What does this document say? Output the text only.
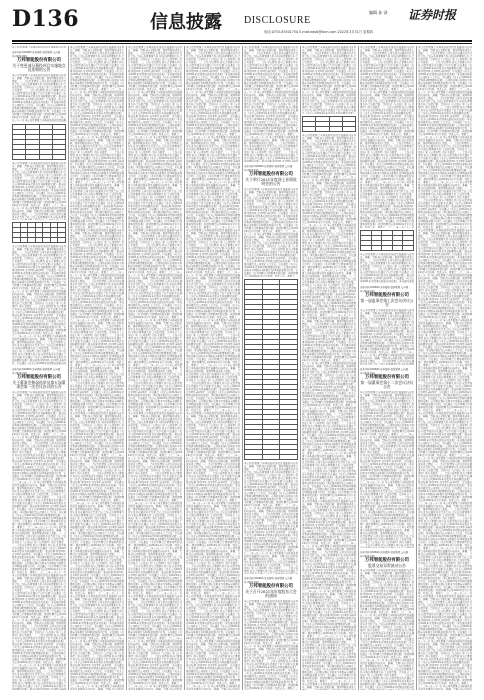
D136	信息披露 DISCLOSURE
编辑 孙 泽 证券时报
电话:0755-83501750 E-mail:zqsb@stcn.com 2022年3月31日 星期四
本公司及董事会全体成员保证信息披露的内容真
证券代码:002664 证券简称:信质集团 公告编号:2022-009
万邦智能股份有限公司
关于变更部分募投项目实施地点及延期的公告
本公司及董事会全体成员保证信息披露的内容真实、准确、完整,没有虚假记载、误导性陈述或重大遗漏。一、会议召开情况 公司于近日以通讯方式召开会议,会议应出席董事九名,实际出席董事九名,会议的召集、召开符合《公司法》和《公司章程》的有关规定。二、会议审议情况 经与会董事认真审议,以投票表决方式通过了以下议案:审议通过《关于公司2021年年度报告及其摘要的议案》,表决结果:同意9票,反对0票,弃权0票。审议通过《关于公司2021年度财务决算报告的议案》,本议案尚需提交公司股东大会审议。审议通过《关于公司2021年度利润分配预案的议案》,公司拟以现有总股本为基数向全体股东每10股派发现金红利。审议通过《关于续聘会计师事务所的议案》,同意续聘为公司2022年度审计机构。特此公告。董事会 二〇二二年三月三十一日 本公司及董事会全体成员保证信息披露

本公司及董事会全体成员保证信息披露的内容真实、准确、完整,没有虚假记载、误导性陈述或重大遗漏。一、会议召开情况 公司于近日以通讯方式召开会议,会议应出席董事九名,实际出席董事九名,会议的召集、召开符合《公司法》和《公司章程》的有关规定。二、会议审议情况 经与会董事认真审议,以投票表决方式通过了以下议案:审议通过《关于公司2021年年度报告及其摘要的议案》,表决结果:同意9票,反对0票,弃权0票。审议通过《关于公司2021年度财务决算报告的议案》,本议案尚需提交公司股东大会审议。审议通过《关于公司2021年度利润分配预案的议案》,公司拟以现有总股本为基数向全体股东每10股派发现金红利。审议通过《关于续聘会计师事务所的议案》,同意续聘为公司2022年度审计机构。特此公告。董事会 二〇二二年三月三十一日 本公司及董事会全体成员保证信息披露的内容真实、准确、完整,没有虚假记载、误导性陈述或重大遗漏。一、会议召开情况 公司于近日以通讯方式召开会议,会议应出席董事九名,实际出席董

本公司及董事会全体成员保证信息披露的内容真实、准确、完整,没有虚假记载、误导性陈述或重大遗漏。一、会议召开情况 公司于近日以通讯方式召开会议,会议应出席董事九名,实际出席董事九名,会议的召集、召开符合《公司法》和《公司章程》的有关规定。二、会议审议情况 经与会董事认真审议,以投票表决方式通过了以下议案:审议通过《关于公司2021年年度报告及其摘要的议案》,表决结果:同意9票,反对0票,弃权0票。审议通过《关于公司2021年度财务决算报告的议案》,本议案尚需提交公司股东大会审议。审议通过《关于公司2021年度利润分配预案的议案》,公司拟以现有总股本为基数向全体股东每10股派发现金红利。审议通过《关于续聘会计师事务所的议案》,同意续聘为公司2022年度审计机构。特此公告。董事会 二〇二二年三月三十一日 本公司及董事会全体成员保证信息披露的内容真实、准确、完整,没有虚假记载、误导性陈述或重大遗漏。一、会议召开情况 公司于近日以通讯方式召开会议,会议应出席董事九名,实际出席董事九名,会议的召集、召开符合《公司法》和《公司章程》的有关规定。二、会议审议情况 经与会董事认真审议,以投票表决方式通过了以下议案:审议通过《关于公司2021年年度报告及其摘要的议案》,表决结果:同意9票,反对0票,弃权0票。审议通过《关于公司2021年度财务决算报告的议案》,本议案尚需提交公司股东大会审议。审议通过《关于公司2021年度利润分配预案的议案》,公司拟以现有总股本为基数向全体股东每10股派发现金红利。审议通过《关于续聘会计师事务所的议案》,同意续聘为公司2022年度审计机构。特此公告。董事会 二〇二二年三月三十一日 本公司及董事会全体成员保证信息披露的内容真实、准确、完整,没有虚假记载、误导性陈述或重大遗漏。一、会议召开情况 公司于近日以通讯方式召开会议,会议应出席董事九名,实际出席董事九名,会议的召集、召开符合《公司法》和《公司章程》的有关规定。二、会议审议情况 经与会董事认真审议,以投票表决方式通过了以下议案:审议通过《关于公司2021年年度报告及其摘要的议案》,表决结果:同意9票,反对0票,弃权0票。审议通过《关于公司2021年度财务决算报告的
证券代码:002664 证券简称:信质集团 公告编号:2022-010
万邦智能股份有限公司
关于董事会换届选举及第五届董事会第一次会议决议的公告
本公司及董事会全体成员保证信息披露的内容真实、准确、完整,没有虚假记载、误导性陈述或重大遗漏。一、会议召开情况 公司于近日以通讯方式召开会议,会议应出席董事九名,实际出席董事九名,会议的召集、召开符合《公司法》和《公司章程》的有关规定。二、会议审议情况 经与会董事认真审议,以投票表决方式通过了以下议案:审议通过《关于公司2021年年度报告及其摘要的议案》,表决结果:同意9票,反对0票,弃权0票。审议通过《关于公司2021年度财务决算报告的议案》,本议案尚需提交公司股东大会审议。审议通过《关于公司2021年度利润分配预案的议案》,公司拟以现有总股本为基数向全体股东每10股派发现金红利。审议通过《关于续聘会计师事务所的议案》,同意续聘为公司2022年度审计机构。特此公告。董事会 二〇二二年三月三十一日 本公司及董事会全体成员保证信息披露的内容真实、准确、完整,没有虚假记载、误导性陈述或重大遗漏。一、会议召开情况 公司于近日以通讯方式召开会议,会议应出席董事九名,实际出席董事九名,会议的召集、召开符合《公司法》和《公司章程》的有关规定。二、会议审议情况 经与会董事认真审议,以投票表决方式通过了以下议案:审议通过《关于公司2021年年度报告及其摘要的议案》,表决结果:同意9票,反对0票,弃权0票。审议通过《关于公司2021年度财务决算报告的议案》,本议案尚需提交公司股东大会审议。审议通过《关于公司2021年度利润分配预案的议案》,公司拟以现有总股本为基数向全体股东每10股派发现金红利。审议通过《关于续聘会计师事务所的议案》,同意续聘为公司2022年度审计机构。特此公告。董事会 二〇二二年三月三十一日 本公司及董事会全体成员保证信息披露的内容真实、准确、完整,没有虚假记载、误导性陈述或重大遗漏。一、会议召开情况 公司于近日以通讯方式召开会议,会议应出席董事九名,实际出席董事九名,会议的召集、召开符合《公司法》和《公司章程》的有关规定。二、会议审议情况 经与会董事认真审议,以投票表决方式通过了以下议案:审议通过《关于公司2021年年度报告及其摘要的议案》,表决结果:同意9票,反对0票,弃权0票。审议通过《关于公司2021年度财务决算报告的议案》,本议案尚需提交公司股东大会审议。审议通过《关于公司2021年度利润分配预案的议案》,公司拟以现有总股本为基数向全体股东每10股派发现金红利。审议通过《关于续聘会计师事务所的议案》,同意续聘为公司2022年度审计机构。特此公告。董事会 二〇二二年三月三十一日 本公司及董事会全体成员保证信息披露的内容真实、准确、完整,没有虚假记载、误导性陈述或重大遗漏。一、会议召开情况 公司于近日以通讯方式召开会议,会议应出席董事九名,实际出席董事九名,会议的召集、召开符合《公司法》和《公司章程》的有关规定。二、会议审议情况 经与会董事认真审议,以投票表决方式通过了以下议案:审议通过《关于公司2021年年度报告及其摘要的议案》,表决结果:同意9票,反对0票,弃权0票。审议通过《关于公司2021年度财务决算报告的议案》,本议案尚需提交公司股东大会审议。审议通过《关于公司2021年度利润分配预案的议案》,公司拟以现有总股本为基数向全体股东每10股派发现金红利。审议通过《关于续聘会计师事务所的议案》,同意续聘为公司2022年度审计机构。特此公告。董事会 二〇二二年三月三十一日 本公司及董事会全体成员保证信息披露的内容真实、准确、完整,没有虚假记载、误导性陈述或重大遗漏。一、会议召开情况 公司于近日以通讯方式召开会议,会议应出席董事九名,实际出席董事九名,会议的召集、召开符合《公司法》和《公司章程》的有关规定。二、会议审议情况 经与会董事认真审议,以投票表决方式通过了以下议案:审议通过《关于公司2021年年度报告及其摘要的议案》,表决结果:同意9票,反对0票,弃权0票。审议通过《关于公司2021年度财务决算报告的议案》,本议案尚需提交公司股东大会审议。审议通过《关于公司2021年度利润分配预案的议案》,公司拟以现有总股本为基数向全体股东每10股派发现金红利。审议通过《关于续聘会计师事务所的议案》,同意续聘为公司2022年度审计机构。特此公告。董事会 二〇二二年三月三十一日 本公司及董事会全体成员保证信息披露的内容真实、准确、完整,没有虚假记载、误导性陈述或重大遗漏。一、会议召开情况 公司于近日以通讯方式召开会议,会议应出席董事九名,实际出席董事九名,会议的召集、召开符合《公司法》和《公司章程》的有关规定。二、会议审议情况 经与会董事认真审议,以投票表决方式通过了以下议案:审议通过《关于公司2021年年度报告及其摘要的议案》,表决结果:同意9票,反对0票,弃权0票。审议通过《关于公司2021年度财务决算报告的议案》,本议案尚需提交公司股东大会审议。审议通过《关于公司2021年度利润分配预案的议案》,公司拟以现有总股本为基数向全体股东每10股派发现金红利。审议通过《关于续聘会计师事务所的议案》,同意续聘为公司2022年度审计机构。特此公告。董事会 二〇二二年三月三十一日 本公司及董事会全体成员保证信息披露的内容真实、准确、完整,没有虚假记载、误导性陈述或重大遗漏。一、会议召开情况 公司于近日以通讯方式召开会议,会议应出席董事九名,实际出席董事九名,会议的召集、召开符合《公司法》和《公司章程》的有关规定。二、会议审议情况 经与会董事认真审议,以投票表决方式通过了以下议案:审议通过《关于公司2021年年度报告及其摘要的议案》,表决结果:同意9票,反对0票,弃权0
本公司及董事会全体成员保证信息披露的内容真实、准确、完整,没有虚假记载、误导性陈述或重大遗漏。一、会议召开情况 公司于近日以通讯方式召开会议,会议应出席董事九名,实际出席董事九名,会议的召集、召开符合《公司法》和《公司章程》的有关规定。二、会议审议情况 经与会董事认真审议,以投票表决方式通过了以下议案:审议通过《关于公司2021年年度报告及其摘要的议案》,表决结果:同意9票,反对0票,弃权0票。审议通过《关于公司2021年度财务决算报告的议案》,本议案尚需提交公司股东大会审议。审议通过《关于公司2021年度利润分配预案的议案》,公司拟以现有总股本为基数向全体股东每10股派发现金红利。审议通过《关于续聘会计师事务所的议案》,同意续聘为公司2022年度审计机构。特此公告。董事会 二〇二二年三月三十一日 本公司及董事会全体成员保证信息披露的内容真实、准确、完整,没有虚假记载、误导性陈述或重大遗漏。一、会议召开情况 公司于近日以通讯方式召开会议,会议应出席董事九名,实际出席董事九名,会议的召集、召开符合《公司法》和《公司章程》的有关规定。二、会议审议情况 经与会董事认真审议,以投票表决方式通过了以下议案:审议通过《关于公司2021年年度报告及其摘要的议案》,表决结果:同意9票,反对0票,弃权0票。审议通过《关于公司2021年度财务决算报告的议案》,本议案尚需提交公司股东大会审议。审议通过《关于公司2021年度利润分配预案的议案》,公司拟以现有总股本为基数向全体股东每10股派发现金红利。审议通过《关于续聘会计师事务所的议案》,同意续聘为公司2022年度审计机构。特此公告。董事会 二〇二二年三月三十一日 本公司及董事会全体成员保证信息披露的内容真实、准确、完整,没有虚假记载、误导性陈述或重大遗漏。一、会议召开情况 公司于近日以通讯方式召开会议,会议应出席董事九名,实际出席董事九名,会议的召集、召开符合《公司法》和《公司章程》的有关规定。二、会议审议情况 经与会董事认真审议,以投票表决方式通过了以下议案:审议通过《关于公司2021年年度报告及其摘要的议案》,表决结果:同意9票,反对0票,弃权0票。审议通过《关于公司2021年度财务决算报告的议案》,本议案尚需提交公司股东大会审议。审议通过《关于公司2021年度利润分配预案的议案》,公司拟以现有总股本为基数向全体股东每10股派发现金红利。审议通过《关于续聘会计师事务所的议案》,同意续聘为公司2022年度审计机构。特此公告。董事会 二〇二二年三月三十一日 本公司及董事会全体成员保证信息披露的内容真实、准确、完整,没有虚假记载、误导性陈述或重大遗漏。一、会议召开情况 公司于近日以通讯方式召开会议,会议应出席董事九名,实际出席董事九名,会议的召集、召开符合《公司法》和《公司章程》的有关规定。二、会议审议情况 经与会董事认真审议,以投票表决方式通过了以下议案:审议通过《关于公司2021年年度报告及其摘要的议案》,表决结果:同意9票,反对0票,弃权0票。审议通过《关于公司2021年度财务决算报告的议案》,本议案尚需提交公司股东大会审议。审议通过《关于公司2021年度利润分配预案的议案》,公司拟以现有总股本为基数向全体股东每10股派发现金红利。审议通过《关于续聘会计师事务所的议案》,同意续聘为公司2022年度审计机构。特此公告。董事会 二〇二二年三月三十一日 本公司及董事会全体成员保证信息披露的内容真实、准确、完整,没有虚假记载、误导性陈述或重大遗漏。一、会议召开情况 公司于近日以通讯方式召开会议,会议应出席董事九名,实际出席董事九名,会议的召集、召开符合《公司法》和《公司章程》的有关规定。二、会议审议情况 经与会董事认真审议,以投票表决方式通过了以下议案:审议通过《关于公司2021年年度报告及其摘要的议案》,表决结果:同意9票,反对0票,弃权0票。审议通过《关于公司2021年度财务决算报告的议案》,本议案尚需提交公司股东大会审议。审议通过《关于公司2021年度利润分配预案的议案》,公司拟以现有总股本为基数向全体股东每10股派发现金红利。审议通过《关于续聘会计师事务所的议案》,同意续聘为公司2022年度审计机构。特此公告。董事会 二〇二二年三月三十一日 本公司及董事会全体成员保证信息披露的内容真实、准确、完整,没有虚假记载、误导性陈述或重大遗漏。一、会议召开情况 公司于近日以通讯方式召开会议,会议应出席董事九名,实际出席董事九名,会议的召集、召开符合《公司法》和《公司章程》的有关规定。二、会议审议情况 经与会董事认真审议,以投票表决方式通过了以下议案:审议通过《关于公司2021年年度报告及其摘要的议案》,表决结果:同意9票,反对0票,弃权0票。审议通过《关于公司2021年度财务决算报告的议案》,本议案尚需提交公司股东大会审议。审议通过《关于公司2021年度利润分配预案的议案》,公司拟以现有总股本为基数向全体股东每10股派发现金红利。审议通过《关于续聘会计师事务所的议案》,同意续聘为公司2022年度审计机构。特此公告。董事会 二〇二二年三月三十一日 本公司及董事会全体成员保证信息披露的内容真实、准确、完整,没有虚假记载、误导性陈述或重大遗漏。一、会议召开情况 公司于近日以通讯方式召开会议,会议应出席董事九名,实际出席董事九名,会议的召集、召开符合《公司法》和《公司章程》的有关规定。二、会议审议情况 经与会董事认真审议,以投票表决方式通过了以下议案:审议通过《关于公司2021年年度报告及其摘要的议案》,表决结果:同意9票,反对0票,弃权0票。审议通过《关于公司2021年度财务决算报告的议案》,本议案尚需提交公司股东大会审议。审议通过《关于公司2021年度利润分配预案的议案》,公司拟以现有总股本为基数向全体股东每10股派发现金红利。审议通过《关于续聘会计师事务所的议案》,同意续聘为公司2022年度审计机构。特此公告。董事会 二〇二二年三月三十一日 本公司及董事会全体成员保证信息披露的内容真实、准确、完整,没有虚假记载、误导性陈述或重大遗漏。一、会议召开情况 公司于近日以通讯方式召开会议,会议应出席董事九名,实际出席董事九名,会议的召集、召开符合《公司法》和《公司章程》的有关规定。二、会议审议情况 经与会董事认真审议,以投票表决方式通过了以下议案:审议通过《关于公司2021年年度报告及其摘要的议案》,表决结果:同意9票,反对0票,弃权0票。审议通过《关于公司2021年度财务决算报告的议案》,本议案尚需提交公司股东大会审议。审议通过《关于公司2021年度利润分配预案的议案》,公司拟以现有总股本为基数向全体股东每10股派发现金红利。审议通过《关于续聘会计师事务所的议案》,同意续聘为公司2022年度审计机构。特此公告。董事会 二〇二二年三月三十一日 本公司及董事会全体成员保证信息披露的内容真实、准确、完整,没有虚假记载、误导性陈述或重大遗漏。一、会议召开情况 公司于近日以通讯方式召开会议,会议应出席董事九名,实际出席董事九名,会议的召集、召开符合《公司法》和《公司章程》的有关规定。二、会议审议情况 经与会董事认真审议,以投票表决方式通过了以下议案:审议通过《关于公司2021年年度报告及其摘要的议案》,表决结果:同意9票,反对0票,弃权0票。审议通过《关于公司2021年度财务决算报告的议案》,本议案尚需提交公司股东大会审议。审议通过《关于公司2021年度利润分配预案的议案》,公司拟以现有总股本为基数向全体股东每10股派发现金红利。审议通过《关于续聘会计师事务所的议案》,同意续聘为公司2022年度审计机构。特此公告。董事会 二〇二二年三月三十一日 本公司及董事会全体成员保证信息披露的内容真实、准确、完整,没有虚假记载、误导性陈述或重大遗漏。一、会议召开情况 公司于近日以通讯方式召开会议,会议应出席董事九名,实际出席董事九名,会议的召集、召开符合《公司法》和《公司章程》的有关规定。二、会议审议情况 经与会董事认真审议,以投票表决方式通过了以下议案:审议通过《关于公司2021年年度报告及其摘要的议案》,表决结果:同意9票,反对0票,弃权0票。审议通过《关于公司2021年度财务决算报告的议案》,本议案尚需提交公司股东大会审议。审议通过《关于公司2021年度利润分配预案的议案》,公司拟以现有总股本为基数向全体股东每10股派发现金红利。审议通过《关于续聘会计师事务所的议案》,同意续聘为公司2022年度审计机构。特此公告。董事会 二〇二二年三月三十一日 本公司及董事会全体成员保证信息披露的内容真实、准确、完整,没有虚假记载、误导性陈述或重大遗漏。一、会议召开情况 公司于近日以通讯方式召开会议,会议应出席董事九名,实际出席董事九名,会议的召集、召开符合《公司法》和《公司章程》的有关规定。二、会议审议情况 经与会董事认真审议,以投票表决方式通过了以下议案:审议通过《关于公司2021年年度报告及其摘要的议案》,表决结果:同意9票,反对0票,弃权0票。审议通过《关于公司2021年度财务决算报告的议案》,本议案尚需提交公司股东大会审议。审议通过《关于公司2021年度利润分配预案的议案》,公司拟以现有总股本为基数向全体股东每10股派发现金红利。审议通过《关于续聘会计师事务所的议案》,同意续聘为公司2022年度审计机构。特此公告。董事会 二〇二二年三月三十一日 本公司及董事会全体成员保证信息披露的内容真实、准确、完整,没有虚假记载、误导性陈述或重大遗漏。一、会议召开情况 公司于近日以通讯方式召开会议,会议应出席董事九名,实际出席董事九名,会议的召集、召开符合《公司法》和《公司章程》的有关规定。二、会议审议情况 经与会董事认真审议,以投票表决方式通过了以下议案:审议通过《关于公司2021年年度报告及其摘要的议案》,表决结果:同意9票,反对0票,弃权0票。审议通过《关于公司2021年度财务决算报告的议案》,本议案尚需提交公司股东大会审议。审议通过《关于公司2021年度利润分配预案的议案》,公司拟以现有总股本为基数向全体股东每10股派发现金红利。审议通过《关于续聘会计师事务所的议案》,同意续聘为公司2022年度审计机构。特此公告。董事会 二〇二二年三月三十一日 本公司及董事会全体成员保证信息披露的内容真实、准确、完整,没有虚假记载、误导性陈述或重大遗漏。一、会议召开情况 公司于近日以通讯方式召开会议,会议应出席董事九名,实际出席董事九名,会议的召集、召开符合《公司法》和《公司章程》的有关规定。二、会议审议情况 经与会董事认真审议,以投票表决方式通过了以下议案:审议通过《关于公司2021年年度报告及其摘要的议案》,表决结果:同意9票,反对0票,弃权0票。审议通过《关于公司2021年度财务决算报告的议案》,本议案尚需提交公司股东大会审议。审议通过《关于公司2021年度利润分配预案的议案》,公司拟以现有总股本为基数向全体股东每10股派发现金红利。审议通过《关于续聘会计师事务所的议案》,同意续聘为公司2022年度审计机构。特此公告。董事会 二〇二二年三月三十一日 本公司及董事会全体成员保证信息披露的内容真实、准确、完整,没有虚假记载、误导性陈述或重大遗漏。一、会议召开情况 公司于近日以通讯方式召开会议,会议应出席董事九名,实际出席董事九名,会议的召集、召开符合《公司法》和《公司章程》的有关规定。二、会议审议情况 经与会董事认真审议,以投票表决方式通过了以下议案:审议通过《关于公司2021年年度报告及其摘要的议案》,表决结果:同意9票,反对0票,弃权0票。审议通过《关于公司2021年度财务决算报告的议案》,本议案尚需提交公司股东大会审议。审议通过《关于公司2021年度利润分配预案的议案》,公司拟以现有总股本为基数向全体股东每10股派发现金红利。审议通过《关于续聘会计师事务所的议案》,同意续聘为公司2022年度审计机构。特此公告。董事会 二〇二二年三月三十一日 本公司及董事会全体成员保证信息披露的内容真实、准确、完整,没有虚假记
本公司及董事会全体成员保证信息披露的内容真实、准确、完整,没有虚假记载、误导性陈述或重大遗漏。一、会议召开情况 公司于近日以通讯方式召开会议,会议应出席董事九名,实际出席董事九名,会议的召集、召开符合《公司法》和《公司章程》的有关规定。二、会议审议情况 经与会董事认真审议,以投票表决方式通过了以下议案:审议通过《关于公司2021年年度报告及其摘要的议案》,表决结果:同意9票,反对0票,弃权0票。审议通过《关于公司2021年度财务决算报告的议案》,本议案尚需提交公司股东大会审议。审议通过《关于公司2021年度利润分配预案的议案》,公司拟以现有总股本为基数向全体股东每10股派发现金红利。审议通过《关于续聘会计师事务所的议案》,同意续聘为公司2022年度审计机构。特此公告。董事会 二〇二二年三月三十一日 本公司及董事会全体成员保证信息披露的内容真实、准确、完整,没有虚假记载、误导性陈述或重大遗漏。一、会议召开情况 公司于近日以通讯方式召开会议,会议应出席董事九名,实际出席董事九名,会议的召集、召开符合《公司法》和《公司章程》的有关规定。二、会议审议情况 经与会董事认真审议,以投票表决方式通过了以下议案:审议通过《关于公司2021年年度报告及其摘要的议案》,表决结果:同意9票,反对0票,弃权0票。审议通过《关于公司2021年度财务决算报告的议案》,本议案尚需提交公司股东大会审议。审议通过《关于公司2021年度利润分配预案的议案》,公司拟以现有总股本为基数向全体股东每10股派发现金红利。审议通过《关于续聘会计师事务所的议案》,同意续聘为公司2022年度审计机构。特此公告。董事会 二〇二二年三月三十一日 本公司及董事会全体成员保证信息披露的内容真实、准确、完整,没有虚假记载、误导性陈述或重大遗漏。一、会议召开情况 公司于近日以通讯方式召开会议,会议应出席董事九名,实际出席董事九名,会议的召集、召开符合《公司法》和《公司章程》的有关规定。二、会议审议情况 经与会董事认真审议,以投票表决方式通过了以下议案:审议通过《关于公司2021年年度报告及其摘要的议案》,表决结果:同意9票,反对0票,弃权0票。审议通过《关于公司2021年度财务决算报告的议案》,本议案尚需提交公司股东大会审议。审议通过《关于公司2021年度利润分配预案的议案》,公司拟以现有总股本为基数向全体股东每10股派发现金红利。审议通过《关于续聘会计师事务所的议案》,同意续聘为公司2022年度审计机构。特此公告。董事会 二〇二二年三月三十一日 本公司及董事会全体成员保证信息披露的内容真实、准确、完整,没有虚假记载、误导性陈述或重大遗漏。一、会议召开情况 公司于近日以通讯方式召开会议,会议应出席董事九名,实际出席董事九名,会议的召集、召开符合《公司法》和《公司章程》的有关规定。二、会议审议情况 经与会董事认真审议,以投票表决方式通过了以下议案:审议通过《关于公司2021年年度报告及其摘要的议案》,表决结果:同意9票,反对0票,弃权0票。审议通过《关于公司2021年度财务决算报告的议案》,本议案尚需提交公司股东大会审议。审议通过《关于公司2021年度利润分配预案的议案》,公司拟以现有总股本为基数向全体股东每10股派发现金红利。审议通过《关于续聘会计师事务所的议案》,同意续聘为公司2022年度审计机构。特此公告。董事会 二〇二二年三月三十一日 本公司及董事会全体成员保证信息披露的内容真实、准确、完整,没有虚假记载、误导性陈述或重大遗漏。一、会议召开情况 公司于近日以通讯方式召开会议,会议应出席董事九名,实际出席董事九名,会议的召集、召开符合《公司法》和《公司章程》的有关规定。二、会议审议情况 经与会董事认真审议,以投票表决方式通过了以下议案:审议通过《关于公司2021年年度报告及其摘要的议案》,表决结果:同意9票,反对0票,弃权0票。审议通过《关于公司2021年度财务决算报告的议案》,本议案尚需提交公司股东大会审议。审议通过《关于公司2021年度利润分配预案的议案》,公司拟以现有总股本为基数向全体股东每10股派发现金红利。审议通过《关于续聘会计师事务所的议案》,同意续聘为公司2022年度审计机构。特此公告。董事会 二〇二二年三月三十一日 本公司及董事会全体成员保证信息披露的内容真实、准确、完整,没有虚假记载、误导性陈述或重大遗漏。一、会议召开情况 公司于近日以通讯方式召开会议,会议应出席董事九名,实际出席董事九名,会议的召集、召开符合《公司法》和《公司章程》的有关规定。二、会议审议情况 经与会董事认真审议,以投票表决方式通过了以下议案:审议通过《关于公司2021年年度报告及其摘要的议案》,表决结果:同意9票,反对0票,弃权0票。审议通过《关于公司2021年度财务决算报告的议案》,本议案尚需提交公司股东大会审议。审议通过《关于公司2021年度利润分配预案的议案》,公司拟以现有总股本为基数向全体股东每10股派发现金红利。审议通过《关于续聘会计师事务所的议案》,同意续聘为公司2022年度审计机构。特此公告。董事会 二〇二二年三月三十一日 本公司及董事会全体成员保证信息披露的内容真实、准确、完整,没有虚假记载、误导性陈述或重大遗漏。一、会议召开情况 公司于近日以通讯方式召开会议,会议应出席董事九名,实际出席董事九名,会议的召集、召开符合《公司法》和《公司章程》的有关规定。二、会议审议情况 经与会董事认真审议,以投票表决方式通过了以下议案:审议通过《关于公司2021年年度报告及其摘要的议案》,表决结果:同意9票,反对0票,弃权0票。审议通过《关于公司2021年度财务决算报告的议案》,本议案尚需提交公司股东大会审议。审议通过《关于公司2021年度利润分配预案的议案》,公司拟以现有总股本为基数向全体股东每10股派发现金红利。审议通过《关于续聘会计师事务所的议案》,同意续聘为公司2022年度审计机构。特此公告。董事会 二〇二二年三月三十一日 本公司及董事会全体成员保证信息披露的内容真实、准确、完整,没有虚假记载、误导性陈述或重大遗漏。一、会议召开情况 公司于近日以通讯方式召开会议,会议应出席董事九名,实际出席董事九名,会议的召集、召开符合《公司法》和《公司章程》的有关规定。二、会议审议情况 经与会董事认真审议,以投票表决方式通过了以下议案:审议通过《关于公司2021年年度报告及其摘要的议案》,表决结果:同意9票,反对0票,弃权0票。审议通过《关于公司2021年度财务决算报告的议案》,本议案尚需提交公司股东大会审议。审议通过《关于公司2021年度利润分配预案的议案》,公司拟以现有总股本为基数向全体股东每10股派发现金红利。审议通过《关于续聘会计师事务所的议案》,同意续聘为公司2022年度审计机构。特此公告。董事会 二〇二二年三月三十一日 本公司及董事会全体成员保证信息披露的内容真实、准确、完整,没有虚假记载、误导性陈述或重大遗漏。一、会议召开情况 公司于近日以通讯方式召开会议,会议应出席董事九名,实际出席董事九名,会议的召集、召开符合《公司法》和《公司章程》的有关规定。二、会议审议情况 经与会董事认真审议,以投票表决方式通过了以下议案:审议通过《关于公司2021年年度报告及其摘要的议案》,表决结果:同意9票,反对0票,弃权0票。审议通过《关于公司2021年度财务决算报告的议案》,本议案尚需提交公司股东大会审议。审议通过《关于公司2021年度利润分配预案的议案》,公司拟以现有总股本为基数向全体股东每10股派发现金红利。审议通过《关于续聘会计师事务所的议案》,同意续聘为公司2022年度审计机构。特此公告。董事会 二〇二二年三月三十一日 本公司及董事会全体成员保证信息披露的内容真实、准确、完整,没有虚假记载、误导性陈述或重大遗漏。一、会议召开情况 公司于近日以通讯方式召开会议,会议应出席董事九名,实际出席董事九名,会议的召集、召开符合《公司法》和《公司章程》的有关规定。二、会议审议情况 经与会董事认真审议,以投票表决方式通过了以下议案:审议通过《关于公司2021年年度报告及其摘要的议案》,表决结果:同意9票,反对0票,弃权0票。审议通过《关于公司2021年度财务决算报告的议案》,本议案尚需提交公司股东大会审议。审议通过《关于公司2021年度利润分配预案的议案》,公司拟以现有总股本为基数向全体股东每10股派发现金红利。审议通过《关于续聘会计师事务所的议案》,同意续聘为公司2022年度审计机构。特此公告。董事会 二〇二二年三月三十一日 本公司及董事会全体成员保证信息披露的内容真实、准确、完整,没有虚假记载、误导性陈述或重大遗漏。一、会议召开情况 公司于近日以通讯方式召开会议,会议应出席董事九名,实际出席董事九名,会议的召集、召开符合《公司法》和《公司章程》的有关规定。二、会议审议情况 经与会董事认真审议,以投票表决方式通过了以下议案:审议通过《关于公司2021年年度报告及其摘要的议案》,表决结果:同意9票,反对0票,弃权0票。审议通过《关于公司2021年度财务决算报告的议案》,本议案尚需提交公司股东大会审议。审议通过《关于公司2021年度利润分配预案的议案》,公司拟以现有总股本为基数向全体股东每10股派发现金红利。审议通过《关于续聘会计师事务所的议案》,同意续聘为公司2022年度审计机构。特此公告。董事会 二〇二二年三月三十一日 本公司及董事会全体成员保证信息披露的内容真实、准确、完整,没有虚假记载、误导性陈述或重大遗漏。一、会议召开情况 公司于近日以通讯方式召开会议,会议应出席董事九名,实际出席董事九名,会议的召集、召开符合《公司法》和《公司章程》的有关规定。二、会议审议情况 经与会董事认真审议,以投票表决方式通过了以下议案:审议通过《关于公司2021年年度报告及其摘要的议案》,表决结果:同意9票,反对0票,弃权0票。审议通过《关于公司2021年度财务决算报告的议案》,本议案尚需提交公司股东大会审议。审议通过《关于公司2021年度利润分配预案的议案》,公司拟以现有总股本为基数向全体股东每10股派发现金红利。审议通过《关于续聘会计师事务所的议案》,同意续聘为公司2022年度审计机构。特此公告。董事会 二〇二二年三月三十一日 本公司及董事会全体成员保证信息披露的内容真实、准确、完整,没有虚假记载、误导性陈述或重大遗漏。一、会议召开情况 公司于近日以通讯方式召开会议,会议应出席董事九名,实际出席董事九名,会议的召集、召开符合《公司法》和《公司章程》的有关规定。二、会议审议情况 经与会董事认真审议,以投票表决方式通过了以下议案:审议通过《关于公司2021年年度报告及其摘要的议案》,表决结果:同意9票,反对0票,弃权0票。审议通过《关于公司2021年度财务决算报告的议案》,本议案尚需提交公司股东大会审议。审议通过《关于公司2021年度利润分配预案的议案》,公司拟以现有总股本为基数向全体股东每10股派发现金红利。审议通过《关于续聘会计师事务所的议案》,同意续聘为公司2022年度审计机构。特此公告。董事会 二〇二二年三月三十一日 本公司及董事会全体成员保证信息披露的内容真实、准确、完整,没有虚假记载、误导性陈述或重大遗漏。一、会议召开情况 公司于近日以通讯方式召开会议,会议应出席董事九名,实际出席董事九名,会议的召集、召开符合《公司法》和《公司章程》的有关规定。二、会议审议情况 经与会董事认真审议,以投票表决方式通过了以下议案:审议通过《关于公司2021年年度报告及其摘要的议案》,表决结果:同意9票,反对0票,弃权0票。审议通过《关于公司2021年度财务决算报告的议案》,本议案尚需提交公司股东大会审议。审议通过《关于公司2021年度利润分配预案的议案》,公司拟以现有总股本为基数向全体股东每10股派发现金红利。审议通过《关于续聘会计师事务所的议案》,同意续聘为公司2022年度审计机构。特此公告。董事会 二〇二二年三月三十一日 本公司及董事会全体成员保证信息披露的内容真实、准确、完整,没有虚假记
本公司及董事会全体成员保证信息披露的内容真实、准确、完整,没有虚假记载、误导性陈述或重大遗漏。一、会议召开情况 公司于近日以通讯方式召开会议,会议应出席董事九名,实际出席董事九名,会议的召集、召开符合《公司法》和《公司章程》的有关规定。二、会议审议情况 经与会董事认真审议,以投票表决方式通过了以下议案:审议通过《关于公司2021年年度报告及其摘要的议案》,表决结果:同意9票,反对0票,弃权0票。审议通过《关于公司2021年度财务决算报告的议案》,本议案尚需提交公司股东大会审议。审议通过《关于公司2021年度利润分配预案的议案》,公司拟以现有总股本为基数向全体股东每10股派发现金红利。审议通过《关于续聘会计师事务所的议案》,同意续聘为公司2022年度审计机构。特此公告。董事会 二〇二二年三月三十一日 本公司及董事会全体成员保证信息披露的内容真实、准确、完整,没有虚假记载、误导性陈述或重大遗漏。一、会议召开情况 公司于近日以通讯方式召开会议,会议应出席董事九名,实际出席董事九名,会议的召集、召开符合《公司法》和《公司章程》的有关规定。二、会议审议情况 经与会董事认真审议,以投票表决方式通过了以下议案:审议通过《关于公司2021年年度报告及其摘要的议案》,表决结果:同意9票,反对0票,弃权0票。审议通过《关于公司2021年度财务决算报告的议案》,本议案尚需提交公司股东大会审议。审议通过《关于公司2021年度利润分配预案的议案》,公司拟以现有总股本为基数向全体股东每10股派发现金红利。审议通过《关于续聘会计师事务所的议案》,同意续聘为公司2022年度审计机构。特此公告。董事会 二〇二二年三月三十一日 本公司及董事会全体成员保证信息披露的内容真实、准确、完整,没有虚假记载、误导性陈述或重大遗漏。一、会议召开情况 公司于近日以通讯方式召开会议,会议应出席董事九名,实际出席董事九名,会议的召集、召开符合《公司法》和《公司章程》的有关规定。二、会议审议情况 经与会董事认真审议,以投票表决方式通过了以下议案:审议通过《关于公司2021年年度报告及其摘要的议案》,表决结果:同意9票,反对0票,弃权0票。审议通过《关于公司2021年度财务决算报告的议案》,本议案尚需提交公司股东大会审议。审议通过《关于公司2021年度利润分配预案的议案》,公司拟以现有总股本为基数向全体股东每10股派发现金红利。审议通过《关于续聘会计师事务所的议案》,同意续聘为公司2022年度审计机构。特此公告。董事会 二〇二二年三月三十一日 本公司及董事会全体成员保证信息披露的内容真实、准确、完整,没有虚假记载、误导性陈述或重大遗漏。一、会议召开情况 公司于近日以通讯方式召开会议,会议应出席董事九名,实际出席董事九名,会议的召集、召开符合《公司法》和《公司章程》的有关规定。二、会议审议情况 经与会董事认真审议,以投票表决方式通过了以下议案:审议通过《关于公司2021年年度报告及其摘要的议案》,表决结果:同意9票,反对0票,弃权0票。审议通过《关于公司2021年度财务决算报告的议案》,本议案尚需提交公司股东大会审议。审议通过《关于公司2021年度利润分配预案的议案》,公司拟以现有总股本为基数向全体股东每10股派发现金红利。审议通过《关于续聘会计师事务所的议案》,同意续聘为公司2022年度审计机构。特此公告。董事会 二〇二二年三月三十一日 本公司及董事会全体成员保证信息披露的内容真实、准确、完整,没有虚假记载、误导性陈述或重大遗漏。一、会议召开情况 公司于近日以通讯方式召开会议,会议应出席董事九名,实际出席董事九名,会议的召集、召开符合《公司法》和《公司章程》的有关规定。二、会议审议情况 经与会董事认真审议,以投票表决方式通过了以下议案:审议通过《关于公司2021年年度报告及其摘要的议案》,表决结果:同意9票,反对0票,弃权0票。审议通过《关于公司2021年度财务决算报告的议案》,本议案尚需提交公司股东大会审议。审议通过《关于公司2021年度利润分配预案的议案》,公司拟以现有总股本为基数向全体股东每10股派发现金红利。审议通过《关于续聘会计师事务所的议案》,同意续聘为公司2022年度审计机构。特此公告。董事会 二〇二二年三月三十一日 本公司及董事会全体成员保证信息披露的内容真实、准确、完整,没有虚假记载、误导性陈述或重大遗漏。一、会议召开情况 公司于近日以通讯方式召开会议,会议应出席董事九名,实际出席董事九名,会议的召集、召开符合《公司法》和《公司章程》的有关规定。二、会议审议情况 经与会董事认真审议,以投票表决方式通过了以下议案:审议通过《关于公司2021年年度报告及其摘要的议案》,表决结果:同意9票,反对0票,弃权0票。审议通过《关于公司2021年度财务决算报告的议案》,本议案尚需提交公司股东大会审议。审议通过《关于公司2021年度利润分配预案的议案》,公司拟以现有总股本为基数向全体股东每10股派发现金红利。审议通过《关于续聘会计师事务所的议案》,同意续聘为公司2022年度审计机构。特此公告。董事会 二〇二二年三月三十一日 本公司及董事会全体成员保证信息披露的内容真实、准确、完整,没有虚假记载、误导性陈述或重大遗漏。一、会议召开情况 公司于近日以通讯方式召开会议,会议应出席董事九名,实际出席董事九名,会议的召集、召开符合《公司法》和《公司章程》的有关规定。二、会议审议情况 经与会董事认真审议,以投票表决方式通过了以下议案:审议通过《关于公司2021年年度报告及其摘要的议案》,表决结果:同意9票,反对0票,弃权0票。审议通过《关于公司2021年度财务决算报告的议案》,本议案尚需提交公司股东大会审议。审议通过《关于公司2021年度利润分配预案的议案》,公司拟以现有总股本为基数向全体股东每10股派发现金红利。审议通过《关于续聘会计师事务所的议案》,同意续聘为公司2022年度审计机构。特此公告。董事会 二〇二二年三月三十一日 本公司及董事会全体成员保证信息披露的内容真实、准确、完整,没有虚假记载、误导性陈述或重大遗漏。一、会议召开情况 公司于近日以通讯方式召开会议,会议应出席董事九名,实际出席董事九名,会议的召集、召开符合《公司法》和《公司章程》的有关规定。二、会议审议情况 经与会董事认真审议,以投票表决方式通过了以下议案:审议通过《关于公司2021年年度报告及其摘要的议案》,表决结果:同意9票,反对0票,弃权0票。审议通过《关于公司2021年度财务决算报告的议案》,本议案尚需提交公司股东大会审议。审议通过《关于公司2021年度利润分配预案的议案》,公司拟以现有总股本为基数向全体股东每10股派发现金红利。审议通过《关于续聘会计师事务所的议案》,同意续聘为公司2022年度审计机构。特此公告。董事会 二〇二二年三月三十一日 本公司及董事会全体成员保证信息披露的内容真实、准确、完整,没有虚假记载、误导性陈述或重大遗漏。一、会议召开情况 公司于近日以通讯方式召开会议,会议应出席董事九名,实际出席董事九名,会议的召集、召开符合《公司法》和《公司章程》的有关规定。二、会议审议情况 经与会董事认真审议,以投票表决方式通过了以下议案:审议通过《关于公司2021年年度报告及其摘要的议案》,表决结果:同意9票,反对0票,弃权0票。审议通过《关于公司2021年度财务决算报告的议案》,本议案尚需提交公司股东大会审议。审议通过《关于公司2021年度利润分配预案的议案》,公司拟以现有总股本为基数向全体股东每10股派发现金红利。审议通过《关于续聘会计师事务所的议案》,同意续聘为公司2022年度审计机构。特此公告。董事会 二〇二二年三月三十一日 本公司及董事会全体成员保证信息披露的内容真实、准确、完整,没有虚假记载、误导性陈述或重大遗漏。一、会议召开情况 公司于近日以通讯方式召开会议,会议应出席董事九名,实际出席董事九名,会议的召集、召开符合《公司法》和《公司章程》的有关规定。二、会议审议情况 经与会董事认真审议,以投票表决方式通过了以下议案:审议通过《关于公司2021年年度报告及其摘要的议案》,表决结果:同意9票,反对0票,弃权0票。审议通过《关于公司2021年度财务决算报告的议案》,本议案尚需提交公司股东大会审议。审议通过《关于公司2021年度利润分配预案的议案》,公司拟以现有总股本为基数向全体股东每10股派发现金红利。审议通过《关于续聘会计师事务所的议案》,同意续聘为公司2022年度审计机构。特此公告。董事会 二〇二二年三月三十一日 本公司及董事会全体成员保证信息披露的内容真实、准确、完整,没有虚假记载、误导性陈述或重大遗漏。一、会议召开情况 公司于近日以通讯方式召开会议,会议应出席董事九名,实际出席董事九名,会议的召集、召开符合《公司法》和《公司章程》的有关规定。二、会议审议情况 经与会董事认真审议,以投票表决方式通过了以下议案:审议通过《关于公司2021年年度报告及其摘要的议案》,表决结果:同意9票,反对0票,弃权0票。审议通过《关于公司2021年度财务决算报告的议案》,本议案尚需提交公司股东大会审议。审议通过《关于公司2021年度利润分配预案的议案》,公司拟以现有总股本为基数向全体股东每10股派发现金红利。审议通过《关于续聘会计师事务所的议案》,同意续聘为公司2022年度审计机构。特此公告。董事会 二〇二二年三月三十一日 本公司及董事会全体成员保证信息披露的内容真实、准确、完整,没有虚假记载、误导性陈述或重大遗漏。一、会议召开情况 公司于近日以通讯方式召开会议,会议应出席董事九名,实际出席董事九名,会议的召集、召开符合《公司法》和《公司章程》的有关规定。二、会议审议情况 经与会董事认真审议,以投票表决方式通过了以下议案:审议通过《关于公司2021年年度报告及其摘要的议案》,表决结果:同意9票,反对0票,弃权0票。审议通过《关于公司2021年度财务决算报告的议案》,本议案尚需提交公司股东大会审议。审议通过《关于公司2021年度利润分配预案的议案》,公司拟以现有总股本为基数向全体股东每10股派发现金红利。审议通过《关于续聘会计师事务所的议案》,同意续聘为公司2022年度审计机构。特此公告。董事会 二〇二二年三月三十一日 本公司及董事会全体成员保证信息披露的内容真实、准确、完整,没有虚假记载、误导性陈述或重大遗漏。一、会议召开情况 公司于近日以通讯方式召开会议,会议应出席董事九名,实际出席董事九名,会议的召集、召开符合《公司法》和《公司章程》的有关规定。二、会议审议情况 经与会董事认真审议,以投票表决方式通过了以下议案:审议通过《关于公司2021年年度报告及其摘要的议案》,表决结果:同意9票,反对0票,弃权0票。审议通过《关于公司2021年度财务决算报告的议案》,本议案尚需提交公司股东大会审议。审议通过《关于公司2021年度利润分配预案的议案》,公司拟以现有总股本为基数向全体股东每10股派发现金红利。审议通过《关于续聘会计师事务所的议案》,同意续聘为公司2022年度审计机构。特此公告。董事会 二〇二二年三月三十一日 本公司及董事会全体成员保证信息披露的内容真实、准确、完整,没有虚假记载、误导性陈述或重大遗漏。一、会议召开情况 公司于近日以通讯方式召开会议,会议应出席董事九名,实际出席董事九名,会议的召集、召开符合《公司法》和《公司章程》的有关规定。二、会议审议情况 经与会董事认真审议,以投票表决方式通过了以下议案:审议通过《关于公司2021年年度报告及其摘要的议案》,表决结果:同意9票,反对0票,弃权0票。审议通过《关于公司2021年度财务决算报告的议案》,本议案尚需提交公司股东大会审议。审议通过《关于公司2021年度利润分配预案的议案》,公司拟以现有总股本为基数向全体股东每10股派发现金红利。审议通过《关于续聘会计师事务所的议案》,同意续聘为公司2022年度审计机构。特此公告。董事会 二〇二二年三月三十一日 本公司及董事会全体成员保证信息披露的内容真实、准确、完整,没有虚假记
本公司及董事会全体成员保证信息披露的内容真实、准确、完整,没有虚假记载、误导性陈述或重大遗漏。一、会议召开情况 公司于近日以通讯方式召开会议,会议应出席董事九名,实际出席董事九名,会议的召集、召开符合《公司法》和《公司章程》的有关规定。二、会议审议情况 经与会董事认真审议,以投票表决方式通过了以下议案:审议通过《关于公司2021年年度报告及其摘要的议案》,表决结果:同意9票,反对0票,弃权0票。审议通过《关于公司2021年度财务决算报告的议案》,本议案尚需提交公司股东大会审议。审议通过《关于公司2021年度利润分配预案的议案》,公司拟以现有总股本为基数向全体股东每10股派发现金红利。审议通过《关于续聘会计师事务所的议案》,同意续聘为公司2022年度审计机构。特此公告。董事会 二〇二二年三月三十一日 本公司及董事会全体成员保证信息披露的内容真实、准确、完整,没有虚假记载、误导性陈述或重大遗漏。一、会议召开情况 公司于近日以通讯方式召开会议,会议应出席董事九名,实际出席董事九名,会议的召集、召开符合《公司法》和《公司章程》的有关规定。二、会议审议情况 经与会董事认真审议,以投票表决方式通过了以下议案:审议通过《关于公司2021年年度报告及其摘要的议案》,表决结果:同意9票,反对0票,弃权0票。审议通过《关于公司2021年度财务决算报告的议案》,本议案尚需提交公司股东大会审议。审议通过《关于公司2021年度利润分配预案的议案》,公司拟以现有总股本为基数向全体股东每10股派发现金红利。审议通过《关于续聘会计师事务所的议案》,同意续聘为公司2022年度审计机构。特此公告。董事会 二〇二二年三月三十一日 本公司及董事会全体成员保证信息披露的内容真实、准确、完整,没有虚假记载、误导性陈述或重大遗漏。一、会议召开情况 公司于近日以通讯方式召开会议,会议应出席董事九名,实际出席董事九名,会议的召集、召开符合《公司法》和《公司章程》的有关规定。二、会议审议情况 经与会董事认真审议,以投票表决方式通过了以下议案:审议通过《关于公司2021年年度报告及其摘要的议案》,表决结果:同意9票,反对0票,弃权0
证券代码:002664 证券简称:信质集团 公告编号:2022-011
万邦智能股份有限公司
关于举行2021年度网上业绩说明会的公告
本公司及董事会全体成员保证信息披露的内容真实、准确、完整,没有虚假记载、误导性陈述或重大遗漏。一、会议召开情况 公司于近日以通讯方式召开会议,会议应出席董事九名,实际出席董事九名,会议的召集、召开符合《公司法》和《公司章程》的有关规定。二、会议审议情况 经与会董事认真审议,以投票表决方式通过了以下议案:审议通过《关于公司2021年年度报告及其摘要的议案》,表决结果:同意9票,反对0票,弃权0票。审议通过《关于公司2021年度财务决算报告的议案》,本议案尚需提交公司股东大会审议。审议通过《关于公司2021年度利润分配预案的议案》,公司拟以现有总股本为基数向全体股东每10股派发现金红利。审议通过《关于续聘会计师事务所的议案》,同意续聘为公司2022年度审计机构。特此公告。董事会 二〇二二年三月三十一日 本公司及董事会全体成员保证信息披露的内容真实、准确、完整,没有虚假记载、误导性陈述或重大遗漏。一、会议召开情况 公司于近日以通讯方式召开会议,会议应出席董事九名,实际出席董事九名,会议的召集、召开符合《公司法》和《公司章程》的有关规定。二、会议审议情况 经与会董事认真审议,以投票表决方式通过了以下议案:审议通过《关于公司2021年年度报告及其摘要的议案》,表决结果:同意9票,反对0票,弃权0票。审议通过《关于公司2021年度财务决算报告的议案》,本议案尚需提交公司股东大会审议。审议通过《关于公司2021年度利润分配预案的议案》,公司拟以现有总股本为基数向全体股东每10股派发现金红利。审议通过《关于续聘会计师事务所的议案》,同意续聘为公司2022年度审计机构。特此公告。董事会 二

本公司及董事会全体成员保证信息披露的内容真实、准确、完整,没有虚假记载、误导性陈述或重大遗漏。一、会议召开情况 公司于近日以通讯方式召开会议,会议应出席董事九名,实际出席董事九名,会议的召集、召开符合《公司法》和《公司章程》的有关规定。二、会议审议情况 经与会董事认真审议,以投票表决方式通过了以下议案:审议通过《关于公司2021年年度报告及其摘要的议案》,表决结果:同意9票,反对0票,弃权0票。审议通过《关于公司2021年度财务决算报告的议案》,本议案尚需提交公司股东大会审议。审议通过《关于公司2021年度利润分配预案的议案》,公司拟以现有总股本为基数向全体股东每10股派发现金红利。审议通过《关于续聘会计师事务所的议案》,同意续聘为公司2022年度审计机构。特此公告。董事会 二〇二二年三月三十一日 本公司及董事会全体成员保证信息披露的内容真实、准确、完整,没有虚假记载、误导性陈述或重大遗漏。一、会议召开情况 公司于近日以通讯方式召开会议,会议应出席董事九名,实际出席董事九名,会议的召集、召开符合《公司法》和《公司章程》的有关规定。二、会议审议情况 经与会董事认真审议,以投票表决方式通过了以下议案:审议通过《关于公司2021年年度报告及其摘要的议案》,表决结果:同意9票,反对0票,弃权0票。审议通过《关于公司2021年度财务决算报告的议案》,本议案尚需提交公司股东大会审议。审议通过《关于公司2021年度利润分配预案的议案》,公司拟以现有总股本为基数向全体股东每10股派发现金红利。审议通过《关于续聘会计师事务所的议案》,同意续聘为公司2022年度审计机构。特此公告。董事会 二〇二二年三月三十一日 本公司及董事会全体成员保证信息披露的内容真实、准确、完整,没有虚假记载、误导性陈述或重大遗漏。一、会议召开情况 公司于近日以通讯方式召开会议,会议应出席董事九名,实际出席董事九名,会议的召集、召开符合《公司法》和《公司章程》的有关规定。二、会议审议情况 经与会董事认真审议,以投票表决方式通过了
证券代码:002664 证券简称:信质集团 公告编号:2022-012
万邦智能股份有限公司
关于召开2021年年度股东大会的通知
本公司及董事会全体成员保证信息披露的内容真实、准确、完整,没有虚假记载、误导性陈述或重大遗漏。一、会议召开情况 公司于近日以通讯方式召开会议,会议应出席董事九名,实际出席董事九名,会议的召集、召开符合《公司法》和《公司章程》的有关规定。二、会议审议情况 经与会董事认真审议,以投票表决方式通过了以下议案:审议通过《关于公司2021年年度报告及其摘要的议案》,表决结果:同意9票,反对0票,弃权0票。审议通过《关于公司2021年度财务决算报告的议案》,本议案尚需提交公司股东大会审议。审议通过《关于公司2021年度利润分配预案的议案》,公司拟以现有总股本为基数向全体股东每10股派发现金红利。审议通过《关于续聘会计师事务所的议案》,同意续聘为公司2022年度审计机构。特此公告。董事会 二〇二二年三月三十一日 本公司及董事会全体成员保证信息披露的内容真实、准确、完整,没有虚假记载、误导性陈述或重大遗漏。一、会议召开情况 公司于近日以通讯方式召开会议,会议应出席董事九名,实际出席董事九名,会议的召集、召开符合《公司法》和《公司章程》的有关规定。二、会议审议情况 经与会董事认真审议,以投票表决方式通过了以下议案:审议通过《关于公司2021年年度报告及其摘要的议案》,表决结果:同意9票,反对0票,弃权0票。审议通过《关于公司2021年度财务决算报告的议案》,本议案尚需提交公司股东大会审议。审议通过《关于公司2021年度利润分配预案的议案》,公司拟以现有总股本为基数向全体股东每10股派发现金红利。审议通过《关于续聘会计师事务所的议案》,同意续聘为公司2022年度审计机构。特此公告。董事会 二
本公司及董事会全体成员保证信息披露的内容真实、准确、完整,没有虚假记载、误导性陈述或重大遗漏。一、会议召开情况 公司于近日以通讯方式召开会议,会议应出席董事九名,实际出席董事九名,会议的召集、召开符合《公司法》和《公司章程》的有关规定。二、会议审议情况 经与会董事认真审议,以投票表决方式通过了以下议案:审议通过《关于公司2021年年度报告及其摘要的议案》,表决结果:同意9票,反对0票,弃权0票。审议通过《关于公司2021年度财务决算报告的议案》,本议案尚需提交公司股东大会审议。审议通过《关于公司2021年度利润分配预案的议案》,公司拟以现有总股本为基数向全体股东每10股派发现金红利。审议通过《关于续聘会计师事务所的议案》,同意续聘为公司2022年度审计机构。特此公告。董事会 二〇二二年三月三十一日 本公司及董事会全体成员保证信息披露的内容真实、准确、完整,没有虚假记载、误导性陈述或重大遗漏。一、会议召开情况 公司于近日以通讯方式召开会议,会议应出席董事九名,实际出席董事九名,会议的召集、召开符合《公司法》和《公司章程》的有关规定。二、会议审议情况 经与会董事认真审议,以投票表决方式通过了以下议案:审议通过《关于公司2021年年度报告及其摘要的议案》,

本公司及董事会全体成员保证信息披露的内容真实、准确、完整,没有虚假记载、误导性陈述或重大遗漏。一、会议召开情况 公司于近日以通讯方式召开会议,会议应出席董事九名,实际出席董事九名,会议的召集、召开符合《公司法》和《公司章程》的有关规定。二、会议审议情况 经与会董事认真审议,以投票表决方式通过了以下议案:审议通过《关于公司2021年年度报告及其摘要的议案》,表决结果:同意9票,反对0票,弃权0票。审议通过《关于公司2021年度财务决算报告的议案》,本议案尚需提交公司股东大会审议。审议通过《关于公司2021年度利润分配预案的议案》,公司拟以现有总股本为基数向全体股东每10股派发现金红利。审议通过《关于续聘会计师事务所的议案》,同意续聘为公司2022年度审计机构。特此公告。董事会 二〇二二年三月三十一日 本公司及董事会全体成员保证信息披露的内容真实、准确、完整,没有虚假记载、误导性陈述或重大遗漏。一、会议召开情况 公司于近日以通讯方式召开会议,会议应出席董事九名,实际出席董事九名,会议的召集、召开符合《公司法》和《公司章程》的有关规定。二、会议审议情况 经与会董事认真审议,以投票表决方式通过了以下议案:审议通过《关于公司2021年年度报告及其摘要的议案》,表决结果:同意9票,反对0票,弃权0票。审议通过《关于公司2021年度财务决算报告的议案》,本议案尚需提交公司股东大会审议。审议通过《关于公司2021年度利润分配预案的议案》,公司拟以现有总股本为基数向全体股东每10股派发现金红利。审议通过《关于续聘会计师事务所的议案》,同意续聘为公司2022年度审计机构。特此公告。董事会 二〇二二年三月三十一日 本公司及董事会全体成员保证信息披露的内容真实、准确、完整,没有虚假记载、误导性陈述或重大遗漏。一、会议召开情况 公司于近日以通讯方式召开会议,会议应出席董事九名,实际出席董事九名,会议的召集、召开符合《公司法》和《公司章程》的有关规定。二、会议审议情况 经与会董事认真审议,以投票表决方式通过了以下议案:审议通过《关于公司2021年年度报告及其摘要的议案》,表决结果:同意9票,反对0票,弃权0票。审议通过《关于公司2021年度财务决算报告的议案》,本议案尚需提交公司股东大会审议。审议通过《关于公司2021年度利润分配预案的议案》,公司拟以现有总股本为基数向全体股东每10股派发现金红利。审议通过《关于续聘会计师事务所的议案》,同意续聘为公司2022年度审计机构。特此公告。董事会 二〇二二年三月三十一日 本公司及董事会全体成员保证信息披露的内容真实、准确、完整,没有虚假记载、误导性陈述或重大遗漏。一、会议召开情况 公司于近日以通讯方式召开会议,会议应出席董事九名,实际出席董事九名,会议的召集、召开符合《公司法》和《公司章程》的有关规定。二、会议审议情况 经与会董事认真审议,以投票表决方式通过了以下议案:审议通过《关于公司2021年年度报告及其摘要的议案》,表决结果:同意9票,反对0票,弃权0票。审议通过《关于公司2021年度财务决算报告的议案》,本议案尚需提交公司股东大会审议。审议通过《关于公司2021年度利润分配预案的议案》,公司拟以现有总股本为基数向全体股东每10股派发现金红利。审议通过《关于续聘会计师事务所的议案》,同意续聘为公司2022年度审计机构。特此公告。董事会 二〇二二年三月三十一日 本公司及董事会全体成员保证信息披露的内容真实、准确、完整,没有虚假记载、误导性陈述或重大遗漏。一、会议召开情况 公司于近日以通讯方式召开会议,会议应出席董事九名,实际出席董事九名,会议的召集、召开符合《公司法》和《公司章程》的有关规定。二、会议审议情况 经与会董事认真审议,以投票表决方式通过了以下议案:审议通过《关于公司2021年年度报告及其摘要的议案》,表决结果:同意9票,反对0票,弃权0票。审议通过《关于公司2021年度财务决算报告的议案》,本议案尚需提交公司股东大会审议。审议通过《关于公司2021年度利润分配预案的议案》,公司拟以现有总股本为基数向全体股东每10股派发现金红利。审议通过《关于续聘会计师事务所的议案》,同意续聘为公司2022年度审计机构。特此公告。董事会 二〇二二年三月三十一日 本公司及董事会全体成员保证信息披露的内容真实、准确、完整,没有虚假记载、误导性陈述或重大遗漏。一、会议召开情况 公司于近日以通讯方式召开会议,会议应出席董事九名,实际出席董事九名,会议的召集、召开符合《公司法》和《公司章程》的有关规定。二、会议审议情况 经与会董事认真审议,以投票表决方式通过了以下议案:审议通过《关于公司2021年年度报告及其摘要的议案》,表决结果:同意9票,反对0票,弃权0票。审议通过《关于公司2021年度财务决算报告的议案》,本议案尚需提交公司股东大会审议。审议通过《关于公司2021年度利润分配预案的议案》,公司拟以现有总股本为基数向全体股东每10股派发现金红利。审议通过《关于续聘会计师事务所的议案》,同意续聘为公司2022年度审计机构。特此公告。董事会 二〇二二年三月三十一日 本公司及董事会全体成员保证信息披露的内容真实、准确、完整,没有虚假记载、误导性陈述或重大遗漏。一、会议召开情况 公司于近日以通讯方式召开会议,会议应出席董事九名,实际出席董事九名,会议的召集、召开符合《公司法》和《公司章程》的有关规定。二、会议审议情况 经与会董事认真审议,以投票表决方式通过了以下议案:审议通过《关于公司2021年年度报告及其摘要的议案》,表决结果:同意9票,反对0票,弃权0票。审议通过《关于公司2021年度财务决算报告的议案》,本议案尚需提交公司股东大会审议。审议通过《关于公司2021年度利润分配预案的议案》,公司拟以现有总股本为基数向全体股东每10股派发现金红利。审议通过《关于续聘会计师事务所的议案》,同意续聘为公司2022年度审计机构。特此公告。董事会 二〇二二年三月三十一日 本公司及董事会全体成员保证信息披露的内容真实、准确、完整,没有虚假记载、误导性陈述或重大遗漏。一、会议召开情况 公司于近日以通讯方式召开会议,会议应出席董事九名,实际出席董事九名,会议的召集、召开符合《公司法》和《公司章程》的有关规定。二、会议审议情况 经与会董事认真审议,以投票表决方式通过了以下议案:审议通过《关于公司2021年年度报告及其摘要的议案》,表决结果:同意9票,反对0票,弃权0票。审议通过《关于公司2021年度财务决算报告的议案》,本议案尚需提交公司股东大会审议。审议通过《关于公司2021年度利润分配预案的议案》,公司拟以现有总股本为基数向全体股东每10股派发现金红利。审议通过《关于续聘会计师事务所的议案》,同意续聘为公司2022年度审计机构。特此公告。董事会 二〇二二年三月三十一日 本公司及董事会全体成员保证信息披露的内容真实、准确、完整,没有虚假记载、误导性陈述或重大遗漏。一、会议召开情况 公司于近日以通讯方式召开会议,会议应出席董事九名,实际出席董事九名,会议的召集、召开符合《公司法》和《公司章程》的有关规定。二、会议审议情况 经与会董事认真审议,以投票表决方式通过了以下议案:审议通过《关于公司2021年年度报告及其摘要的议案》,表决结果:同意9票,反对0票,弃权0票。审议通过《关于公司2021年度财务决算报告的议案》,本议案尚需提交公司股东大会审议。审议通过《关于公司2021年度利润分配预案的议案》,公司拟以现有总股本为基数向全体股东每10股派发现金红利。审议通过《关于续聘会计师事务所的议案》,同意续聘为公司2022年度审计机构。特此公告。董事会 二〇二二年三月三十一日 本公司及董事会全体成员保证信息披露的内容真实、准确、完整,没有虚假记载、误导性陈述或重大遗漏。一、会议召开情况 公司于近日以通讯方式召开会议,会议应出席董事九名,实际出席董事九名,会议的召集、召开符合《公司法》和《公司章程》的有关规定。二、会议审议情况 经与会董事认真审议,以投票表决方式通过了以下议案:审议通过《关于公司2021年年度报告及其摘要的议案》,表决结果:同意9票,反对0票,弃权0票。审议通过《关于公司2021年度财务决算报告的议案》,本议案尚需提交公司股东大会审议。审议通过《关于公司2021年度利润分配预案的议案》,公司拟以现有总股本为基数向全体股东每10股派发现金红利。审议通过《关于续聘会计师事务所的议案》,同意续聘为公司2022年度审计机构。特此公告。董事会 二〇二二年三月三十一日 本公司及董事会全体成员保证信息披露的内容真实、准确、完整,没有虚假记载、误导性陈述或重大遗漏。一、会议召开情况 公司于近日以通讯方式召开会议,会议应出席董事九名,实际出席董事九名,会议的召集、召开符合《公司法》和《公司章程》的有关规定。二、会议审议情况 经与会董事认真审议,以投票表决方式通过了以下议案:审议通过《关于公司2021年年度报告及其摘要的议案》,表决结果:同意9票,反对0票,弃权0票。审议通过《关于公司2021年度财务决算报告的议案》,本议案尚需提交公司股东大会审议。审议通过《关于公司2021年度利润分配预案的议案》,公司拟以现有总股本为基数向全体股东每10股派发现金红利。审议通过《关于续聘会计师事务所的议案》,同意续聘为公司2022年度审计机构。特此公告。董事会 二〇二二年三月三十一日 本公司及董事会全体成员保证信息披露的内容真实、准确、完整,没有虚假记载、误导性陈述或重大遗漏。一、会议召开情况 公司于近日以通讯方式召开会议,会议应出席董事九名,实际出席董事九名,会议的召集、召开符合《公司法》和《公司章程》的有关规定。二、会议审议情况 经与会董事认真审议,以投票表决方式通过了以下议案:审议通过《关于公司2021年年度报告及其摘要的议案》,表决结果:同意9票,反对0票,弃权0票。审议通过《关于公司2021年度财务决算报告的议案》,本议案尚需提交公司股东大会审议。审议通过《关于公司2021年度利润分配预案的议案》,公司拟以现有总股本为基数向全体股东每10股派发现金红利。审议通过《关于续聘会计师事务所的议案》,同意续聘为公司2022年度审计机构。特此公告。董事会 二〇二二年三月三十一日 本公司及董事会全体成员保证信息披露的内容真实、准确、完整,没有虚假记载、误导性陈述或重大
本公司及董事会全体成员保证信息披露的内容真实、准确、完整,没有虚假记载、误导性陈述或重大遗漏。一、会议召开情况 公司于近日以通讯方式召开会议,会议应出席董事九名,实际出席董事九名,会议的召集、召开符合《公司法》和《公司章程》的有关规定。二、会议审议情况 经与会董事认真审议,以投票表决方式通过了以下议案:审议通过《关于公司2021年年度报告及其摘要的议案》,表决结果:同意9票,反对0票,弃权0票。审议通过《关于公司2021年度财务决算报告的议案》,本议案尚需提交公司股东大会审议。审议通过《关于公司2021年度利润分配预案的议案》,公司拟以现有总股本为基数向全体股东每10股派发现金红利。审议通过《关于续聘会计师事务所的议案》,同意续聘为公司2022年度审计机构。特此公告。董事会 二〇二二年三月三十一日 本公司及董事会全体成员保证信息披露的内容真实、准确、完整,没有虚假记载、误导性陈述或重大遗漏。一、会议召开情况 公司于近日以通讯方式召开会议,会议应出席董事九名,实际出席董事九名,会议的召集、召开符合《公司法》和《公司章程》的有关规定。二、会议审议情况 经与会董事认真审议,以投票表决方式通过了以下议案:审议通过《关于公司2021年年度报告及其摘要的议案》,表决结果:同意9票,反对0票,弃权0票。审议通过《关于公司2021年度财务决算报告的议案》,本议案尚需提交公司股东大会审议。审议通过《关于公司2021年度利润分配预案的议案》,公司拟以现有总股本为基数向全体股东每10股派发现金红利。审议通过《关于续聘会计师事务所的议案》,同意续聘为公司2022年度审计机构。特此公告。董事会 二〇二二年三月三十一日 本公司及董事会全体成员保证信息披露的内容真实、准确、完整,没有虚假记载、误导性陈述或重大遗漏。一、会议召开情况 公司于近日以通讯方式召开会议,会议应出席董事九名,实际出席董事九名,会议的召集、召开符合《公司法》和《公司章程》的有关规定。二、会议审议情况 经与会董事认真审议,以投票表决方式通过了以下议案:审议通过《关于公司2021年年度报告及其摘要的议案》,表决结果:同意9票,反对0票,弃权0票。审议通过《关于公司2021年度财务决算报告的议案》,本议案尚需提交公司股东大会审议。审议通过《关于公司2021年度利润分配预案的议案》,公司拟以现有总股本为基数向全体股东每10股派发现金红利。审议通过《关于续聘会计师事务所的议案》,同意续聘为公司2022年度审计机构。特此公告。董事会 二〇二二年三月三十一日 本公司及董事会全体成员保证信息披露的内容真实、准确、完整,没有虚假记载、误导性陈述或重大遗漏。一、会议召开情况 公司于近日以通讯方式召开会议,会议应出席董事九名,实际出席董事九名,会议的召集、召开符合《公司法》和《公司章程》的有关规定。二、会议审议情况 经与会董事认真审议,以投票表决方式通过了以下议案:审议通过《关于公司2021年年度报告及其摘要的议案》,表决结果:同意9票,反对0票,弃权0票。审议通过《关于公司2021年度财务决算报告的议案》,本议案尚需提交公司股东大会审议。审议通过《关于公司2021年度利润分配预案的议案》,公司拟以现有总股本为基数向全体股东每10股派发现金红利。审议通过《关于续聘会计师事务所的议案》,同意续聘为公司2022年度审计机构。特此公告。董事会 二〇二二年三月三十一日

本公司及董事会全体成员保证信息披露的内容真实、准确、完整,没有虚假记载、误导性陈述或重大遗漏。一、会议召开情况 公司于近日以通讯方式召开会议,会议应出席董事九名,实际出席董事九名,会议的召集、召开符合《公司法》和《公司章程》的有关规定。二、会议审议情况 经与会董事认真审议,以投票表决方式通过了以下议案:审议通过《关于公司2021年年度报告及其摘要的议案》,表决结果:同意9票,反对0票,弃权0票。审议通过《关于公司2021年度财务决算报告的议案》,本议案尚需提
证券代码:002664 证券简称:信质集团 公告编号:2022-013
万邦智能股份有限公司
第一届监事会第七次会议决议公告
本公司及董事会全体成员保证信息披露的内容真实、准确、完整,没有虚假记载、误导性陈述或重大遗漏。一、会议召开情况 公司于近日以通讯方式召开会议,会议应出席董事九名,实际出席董事九名,会议的召集、召开符合《公司法》和《公司章程》的有关规定。二、会议审议情况 经与会董事认真审议,以投票表决方式通过了以下议案:审议通过《关于公司2021年年度报告及其摘要的议案》,表决结果:同意9票,反对0票,弃权0票。审议通过《关于公司2021年度财务决算报告的议案》,本议案尚需提交公司股东大会审议。审议通过《关于公司2021年度利润分配预案的议案》,公司拟以现有总股本为基数向全体股东每10股派发现金红利。审议通过《关于续聘会计师事务所的议案》,同意续聘为公司2022年度审计机构。特此公告。董事会 二〇二二年三月三十一日 本公司及董事会全体成员保证信息披露的内容真实、准确、完整,没有虚假记载、误导性陈述或重大遗漏。一、会议召开情况 公司于近日以通讯方式召开会议,会议应出席董事九名,实际出席董
证券代码:002664 证券简称:信质集团 公告编号:2022-014
万邦智能股份有限公司
第一届董事会第十二次会议决议公告
本公司及董事会全体成员保证信息披露的内容真实、准确、完整,没有虚假记载、误导性陈述或重大遗漏。一、会议召开情况 公司于近日以通讯方式召开会议,会议应出席董事九名,实际出席董事九名,会议的召集、召开符合《公司法》和《公司章程》的有关规定。二、会议审议情况 经与会董事认真审议,以投票表决方式通过了以下议案:审议通过《关于公司2021年年度报告及其摘要的议案》,表决结果:同意9票,反对0票,弃权0票。审议通过《关于公司2021年度财务决算报告的议案》,本议案尚需提交公司股东大会审议。审议通过《关于公司2021年度利润分配预案的议案》,公司拟以现有总股本为基数向全体股东每10股派发现金红利。审议通过《关于续聘会计师事务所的议案》,同意续聘为公司2022年度审计机构。特此公告。董事会 二〇二二年三月三十一日 本公司及董事会全体成员保证信息披露的内容真实、准确、完整,没有虚假记载、误导性陈述或重大遗漏。一、会议召开情况 公司于近日以通讯方式召开会议,会议应出席董事九名,实际出席董事九名,会议的召集、召开符合《公司法》和《公司章程》的有关规定。二、会议审议情况 经与会董事认真审议,以投票表决方式通过了以下议案:审议通过《关于公司2021年年度报告及其摘要的议案》,表决结果:同意9票,反对0票,弃权0票。审议通过《关于公司2021年度财务决算报告的议案》,本议案尚需提交公司股东大会审议。审议通过《关于公司2021年度利润分配预案的议案》,公司拟以现有总股本为基数向全体股东每10股派发现金红利。审议通过《关于续聘会计师事务所的议案》,同意续聘为公司2022年度审计机构。特此公告。董事会 二〇二二年三月三十一日 本公司及董事会全体成员保证信息披露的内容真实、准确、完整,没有虚假记载、误导性陈述或重大遗漏。一、会议召开情况 公司于近日以通讯方式召开会议,会议应出席董事九名,实际出席董事九名,会议的召集、召开符合《公司法》和《公司章程》的有关规定。二、会议审议情况 经与会董事认真审议,以投票表决方式通过了以下议案:审议通过《关于公司2021年年度报告及其摘要的议案》,表决结果:同意9票,反对0票,弃权0票。审议通过《关于公司2021年度财务决算报告的议案》,本议案尚需提交公司股东大会审议。审议通过《关于公司2021年度利润分配预案的议案》,公司拟以现有总股本为基数向全体股东每10股派发现金红利。审议通过《关于续聘会计师事务所的议案》,同意续聘为公司2022年度审计机构。特此公告。董事会 二〇二二年三月三十一日 本公司及董事会全体成员保证信息披露的内容真实、准确、完整,没有虚假记载、误导性陈述或重大遗漏。一、会议召开情况 公司于近日以通讯方式召开会议,会议应出席董事九名,实际出席董事九名,会议的召集、召开符合《公司法》和《公司章程》的有关规定。二、会议审议情况 经与会董事认真审议,以投票表
证券代码:002664 证券简称:信质集团 公告编号:2022-015
万邦智能股份有限公司
股票交易异常波动公告
本公司及董事会全体成员保证信息披露的内容真实、准确、完整,没有虚假记载、误导性陈述或重大遗漏。一、会议召开情况 公司于近日以通讯方式召开会议,会议应出席董事九名,实际出席董事九名,会议的召集、召开符合《公司法》和《公司章程》的有关规定。二、会议审议情况 经与会董事认真审议,以投票表决方式通过了以下议案:审议通过《关于公司2021年年度报告及其摘要的议案》,表决结果:同意9票,反对0票,弃权0票。审议通过《关于公司2021年度财务决算报告的议案》,本议案尚需提交公司股东大会审议。审议通过《关于公司2021年度利润分配预案的议案》,公司拟以现有总股本为基数向全体股东每10股派发现金红利。审议通过《关于续聘会计师事务所的议案》,同意续聘为公司2022年度审计机构。特此公告。董事会 二〇二二年三月三十一日 本公司及董事会全体成员保证信息披露的内容真实、准确、完整,没有虚假记载、误导性陈述或重大遗漏。一、会议召开情况 公司于近日以通讯方式召开会议,会议应出席董事九名,实际出席董事九名,会议的召集、召开符合《公司法》和《公司章程》的有关规定。二、会议审议情况 经与会董事认真审议,以投票表决方式通过了以下议案:审议通过《关于公司2021年年度报告及其摘要的议案》,表决结果:同意9票,反对0票,弃权0票。审议通过《关于公司2021年度财务决算报告的议案》,本议案尚需提交公司股东大会审议。审议通过《关于公司2021年度利润分配预案的议案》,公司拟以现有总股本为基数向全体股东每10股派发现金红利。审议通过《关于续聘会计师事务所的议案》,同意续聘为公司2022年度审计机构。特此公告。董事会 二〇二二年三月三十一日 本公司及董事会全体成员保证信息披露的内容真实、准确、完整,没有虚假记载、误导性陈述或重大遗漏。一、会议召开情况 公司于近日以通讯方式召开会议,会议应出席董事九名,实际出席董事九名,会议的召集、召开符合《公司法》和《公司章程》的有关规定。二、会议审议情况 经与会董事认真审议,以投票表决方式通过了以下议案:审议通过《关于公司2021年年度报告及其摘要的议案》,表决结果:同意9票,反对0票,弃权0票。审议通过《关于公司2021年度财务决算报告的
本公司及董事会全体成员保证信息披露的内容真实、准确、完整,没有虚假记载、误导性陈述或重大遗漏。一、会议召开情况 公司于近日以通讯方式召开会议,会议应出席董事九名,实际出席董事九名,会议的召集、召开符合《公司法》和《公司章程》的有关规定。二、会议审议情况 经与会董事认真审议,以投票表决方式通过了以下议案:审议通过《关于公司2021年年度报告及其摘要的议案》,表决结果:同意9票,反对0票,弃权0票。审议通过《关于公司2021年度财务决算报告的议案》,本议案尚需提交公司股东大会审议。审议通过《关于公司2021年度利润分配预案的议案》,公司拟以现有总股本为基数向全体股东每10股派发现金红利。审议通过《关于续聘会计师事务所的议案》,同意续聘为公司2022年度审计机构。特此公告。董事会 二〇二二年三月三十一日 本公司及董事会全体成员保证信息披露的内容真实、准确、完整,没有虚假记载、误导性陈述或重大遗漏。一、会议召开情况 公司于近日以通讯方式召开会议,会议应出席董事九名,实际出席董事九名,会议的召集、召开符合《公司法》和《公司章程》的有关规定。二、会议审议情况 经与会董事认真审议,以投票表决方式通过了以下议案:审议通过《关于公司2021年年度报告及其摘要的议案》,表决结果:同意9票,反对0票,弃权0票。审议通过《关于公司2021年度财务决算报告的议案》,本议案尚需提交公司股东大会审议。审议通过《关于公司2021年度利润分配预案的议案》,公司拟以现有总股本为基数向全体股东每10股派发现金红利。审议通过《关于续聘会计师事务所的议案》,同意续聘为公司2022年度审计机构。特此公告。董事会 二〇二二年三月三十一日 本公司及董事会全体成员保证信息披露的内容真实、准确、完整,没有虚假记载、误导性陈述或重大遗漏。一、会议召开情况 公司于近日以通讯方式召开会议,会议应出席董事九名,实际出席董事九名,会议的召集、召开符合《公司法》和《公司章程》的有关规定。二、会议审议情况 经与会董事认真审议,以投票表决方式通过了以下议案:审议通过《关于公司2021年年度报告及其摘要的议案》,表决结果:同意9票,反对0票,弃权0票。审议通过《关于公司2021年度财务决算报告的议案》,本议案尚需提交公司股东大会审议。审议通过《关于公司2021年度利润分配预案的议案》,公司拟以现有总股本为基数向全体股东每10股派发现金红利。审议通过《关于续聘会计师事务所的议案》,同意续聘为公司2022年度审计机构。特此公告。董事会 二〇二二年三月三十一日 本公司及董事会全体成员保证信息披露的内容真实、准确、完整,没有虚假记载、误导性陈述或重大遗漏。一、会议召开情况 公司于近日以通讯方式召开会议,会议应出席董事九名,实际出席董事九名,会议的召集、召开符合《公司法》和《公司章程》的有关规定。二、会议审议情况 经与会董事认真审议,以投票表决方式通过了以下议案:审议通过《关于公司2021年年度报告及其摘要的议案》,表决结果:同意9票,反对0票,弃权0票。审议通过《关于公司2021年度财务决算报告的议案》,本议案尚需提交公司股东大会审议。审议通过《关于公司2021年度利润分配预案的议案》,公司拟以现有总股本为基数向全体股东每10股派发现金红利。审议通过《关于续聘会计师事务所的议案》,同意续聘为公司2022年度审计机构。特此公告。董事会 二〇二二年三月三十一日 本公司及董事会全体成员保证信息披露的内容真实、准确、完整,没有虚假记载、误导性陈述或重大遗漏。一、会议召开情况 公司于近日以通讯方式召开会议,会议应出席董事九名,实际出席董事九名,会议的召集、召开符合《公司法》和《公司章程》的有关规定。二、会议审议情况 经与会董事认真审议,以投票表决方式通过了以下议案:审议通过《关于公司2021年年度报告及其摘要的议案》,表决结果:同意9票,反对0票,弃权0票。审议通过《关于公司2021年度财务决算报告的议案》,本议案尚需提交公司股东大会审议。审议通过《关于公司2021年度利润分配预案的议案》,公司拟以现有总股本为基数向全体股东每10股派发现金红利。审议通过《关于续聘会计师事务所的议案》,同意续聘为公司2022年度审计机构。特此公告。董事会 二〇二二年三月三十一日 本公司及董事会全体成员保证信息披露的内容真实、准确、完整,没有虚假记载、误导性陈述或重大遗漏。一、会议召开情况 公司于近日以通讯方式召开会议,会议应出席董事九名,实际出席董事九名,会议的召集、召开符合《公司法》和《公司章程》的有关规定。二、会议审议情况 经与会董事认真审议,以投票表决方式通过了以下议案:审议通过《关于公司2021年年度报告及其摘要的议案》,表决结果:同意9票,反对0票,弃权0票。审议通过《关于公司2021年度财务决算报告的议案》,本议案尚需提交公司股东大会审议。审议通过《关于公司2021年度利润分配预案的议案》,公司拟以现有总股本为基数向全体股东每10股派发现金红利。审议通过《关于续聘会计师事务所的议案》,同意续聘为公司2022年度审计机构。特此公告。董事会 二〇二二年三月三十一日 本公司及董事会全体成员保证信息披露的内容真实、准确、完整,没有虚假记载、误导性陈述或重大遗漏。一、会议召开情况 公司于近日以通讯方式召开会议,会议应出席董事九名,实际出席董事九名,会议的召集、召开符合《公司法》和《公司章程》的有关规定。二、会议审议情况 经与会董事认真审议,以投票表决方式通过了以下议案:审议通过《关于公司2021年年度报告及其摘要的议案》,表决结果:同意9票,反对0票,弃权0票。审议通过《关于公司2021年度财务决算报告的议案》,本议案尚需提交公司股东大会审议。审议通过《关于公司2021年度利润分配预案的议案》,公司拟以现有总股本为基数向全体股东每10股派发现金红利。审议通过《关于续聘会计师事务所的议案》,同意续聘为公司2022年度审计机构。特此公告。董事会 二〇二二年三月三十一日 本公司及董事会全体成员保证信息披露的内容真实、准确、完整,没有虚假记载、误导性陈述或重大遗漏。一、会议召开情况 公司于近日以通讯方式召开会议,会议应出席董事九名,实际出席董事九名,会议的召集、召开符合《公司法》和《公司章程》的有关规定。二、会议审议情况 经与会董事认真审议,以投票表决方式通过了以下议案:审议通过《关于公司2021年年度报告及其摘要的议案》,表决结果:同意9票,反对0票,弃权0票。审议通过《关于公司2021年度财务决算报告的议案》,本议案尚需提交公司股东大会审议。审议通过《关于公司2021年度利润分配预案的议案》,公司拟以现有总股本为基数向全体股东每10股派发现金红利。审议通过《关于续聘会计师事务所的议案》,同意续聘为公司2022年度审计机构。特此公告。董事会 二〇二二年三月三十一日 本公司及董事会全体成员保证信息披露的内容真实、准确、完整,没有虚假记载、误导性陈述或重大遗漏。一、会议召开情况 公司于近日以通讯方式召开会议,会议应出席董事九名,实际出席董事九名,会议的召集、召开符合《公司法》和《公司章程》的有关规定。二、会议审议情况 经与会董事认真审议,以投票表决方式通过了以下议案:审议通过《关于公司2021年年度报告及其摘要的议案》,表决结果:同意9票,反对0票,弃权0票。审议通过《关于公司2021年度财务决算报告的议案》,本议案尚需提交公司股东大会审议。审议通过《关于公司2021年度利润分配预案的议案》,公司拟以现有总股本为基数向全体股东每10股派发现金红利。审议通过《关于续聘会计师事务所的议案》,同意续聘为公司2022年度审计机构。特此公告。董事会 二〇二二年三月三十一日 本公司及董事会全体成员保证信息披露的内容真实、准确、完整,没有虚假记载、误导性陈述或重大遗漏。一、会议召开情况 公司于近日以通讯方式召开会议,会议应出席董事九名,实际出席董事九名,会议的召集、召开符合《公司法》和《公司章程》的有关规定。二、会议审议情况 经与会董事认真审议,以投票表决方式通过了以下议案:审议通过《关于公司2021年年度报告及其摘要的议案》,表决结果:同意9票,反对0票,弃权0票。审议通过《关于公司2021年度财务决算报告的议案》,本议案尚需提交公司股东大会审议。审议通过《关于公司2021年度利润分配预案的议案》,公司拟以现有总股本为基数向全体股东每10股派发现金红利。审议通过《关于续聘会计师事务所的议案》,同意续聘为公司2022年度审计机构。特此公告。董事会 二〇二二年三月三十一日 本公司及董事会全体成员保证信息披露的内容真实、准确、完整,没有虚假记载、误导性陈述或重大遗漏。一、会议召开情况 公司于近日以通讯方式召开会议,会议应出席董事九名,实际出席董事九名,会议的召集、召开符合《公司法》和《公司章程》的有关规定。二、会议审议情况 经与会董事认真审议,以投票表决方式通过了以下议案:审议通过《关于公司2021年年度报告及其摘要的议案》,表决结果:同意9票,反对0票,弃权0票。审议通过《关于公司2021年度财务决算报告的议案》,本议案尚需提交公司股东大会审议。审议通过《关于公司2021年度利润分配预案的议案》,公司拟以现有总股本为基数向全体股东每10股派发现金红利。审议通过《关于续聘会计师事务所的议案》,同意续聘为公司2022年度审计机构。特此公告。董事会 二〇二二年三月三十一日 本公司及董事会全体成员保证信息披露的内容真实、准确、完整,没有虚假记载、误导性陈述或重大遗漏。一、会议召开情况 公司于近日以通讯方式召开会议,会议应出席董事九名,实际出席董事九名,会议的召集、召开符合《公司法》和《公司章程》的有关规定。二、会议审议情况 经与会董事认真审议,以投票表决方式通过了以下议案:审议通过《关于公司2021年年度报告及其摘要的议案》,表决结果:同意9票,反对0票,弃权0票。审议通过《关于公司2021年度财务决算报告的议案》,本议案尚需提交公司股东大会审议。审议通过《关于公司2021年度利润分配预案的议案》,公司拟以现有总股本为基数向全体股东每10股派发现金红利。审议通过《关于续聘会计师事务所的议案》,同意续聘为公司2022年度审计机构。特此公告。董事会 二〇二二年三月三十一日 本公司及董事会全体成员保证信息披露的内容真实、准确、完整,没有虚假记载、误导性陈述或重大遗漏。一、会议召开情况 公司于近日以通讯方式召开会议,会议应出席董事九名,实际出席董事九名,会议的召集、召开符合《公司法》和《公司章程》的有关规定。二、会议审议情况 经与会董事认真审议,以投票表决方式通过了以下议案:审议通过《关于公司2021年年度报告及其摘要的议案》,表决结果:同意9票,反对0票,弃权0票。审议通过《关于公司2021年度财务决算报告的议案》,本议案尚需提交公司股东大会审议。审议通过《关于公司2021年度利润分配预案的议案》,公司拟以现有总股本为基数向全体股东每10股派发现金红利。审议通过《关于续聘会计师事务所的议案》,同意续聘为公司2022年度审计机构。特此公告。董事会 二〇二二年三月三十一日 本公司及董事会全体成员保证信息披露的内容真实、准确、完整,没有虚假记载、误导性陈述或重大遗漏。一、会议召开情况 公司于近日以通讯方式召开会议,会议应出席董事九名,实际出席董事九名,会议的召集、召开符合《公司法》和《公司章程》的有关规定。二、会议审议情况 经与会董事认真审议,以投票表决方式通过了以下议案:审议通过《关于公司2021年年度报告及其摘要的议案》,表决结果:同意9票,反对0票,弃权0票。审议通过《关于公司2021年度财务决算报告的议案》,本议案尚需提交公司股东大会审议。审议通过《关于公司2021年度利润分配预案的议案》,公司拟以现有总股本为基数向全体股东每10股派发现金红利。审议通过《关于续聘会计师事务所的议案》,同意续聘为公司2022年度审计机构。特此公告。董事会 二〇二二年三月三十一日 本公司及董事会全体成员保证信息披露的内容真实、准确、完整,没有虚假记
